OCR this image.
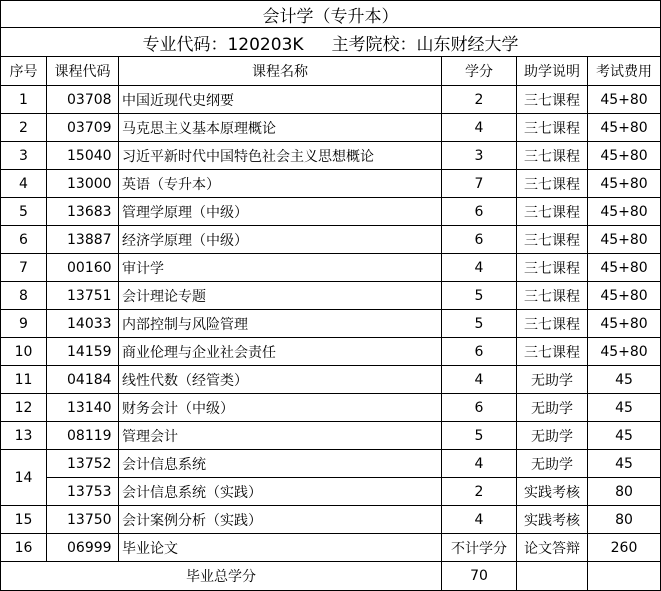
会计学（专升本）					
专业代码：120203K 主考院校：山东财经大学					
序号	课程代码	课程名称	学分	助学说明	考试费用
1	03708	中国近现代史纲要	2	三七课程	45+80
2	03709	马克思主义基本原理概论	4	三七课程	45+80
3	15040	习近平新时代中国特色社会主义思想概论	3	三七课程	45+80
4	13000	英语（专升本）	7	三七课程	45+80
5	13683	管理学原理（中级）	6	三七课程	45+80
6	13887	经济学原理（中级）	6	三七课程	45+80
7	00160	审计学	4	三七课程	45+80
8	13751	会计理论专题	5	三七课程	45+80
9	14033	内部控制与风险管理	5	三七课程	45+80
10	14159	商业伦理与企业社会责任	6	三七课程	45+80
11	04184	线性代数（经管类）	4	无助学	45
12	13140	财务会计（中级）	6	无助学	45
13	08119	管理会计	5	无助学	45
14	13752	会计信息系统	4	无助学	45
	13753	会计信息系统（实践）	2	实践考核	80
15	13750	会计案例分析（实践）	4	实践考核	80
16	06999	毕业论文	不计学分	论文答辩	260
毕业总学分			70		
